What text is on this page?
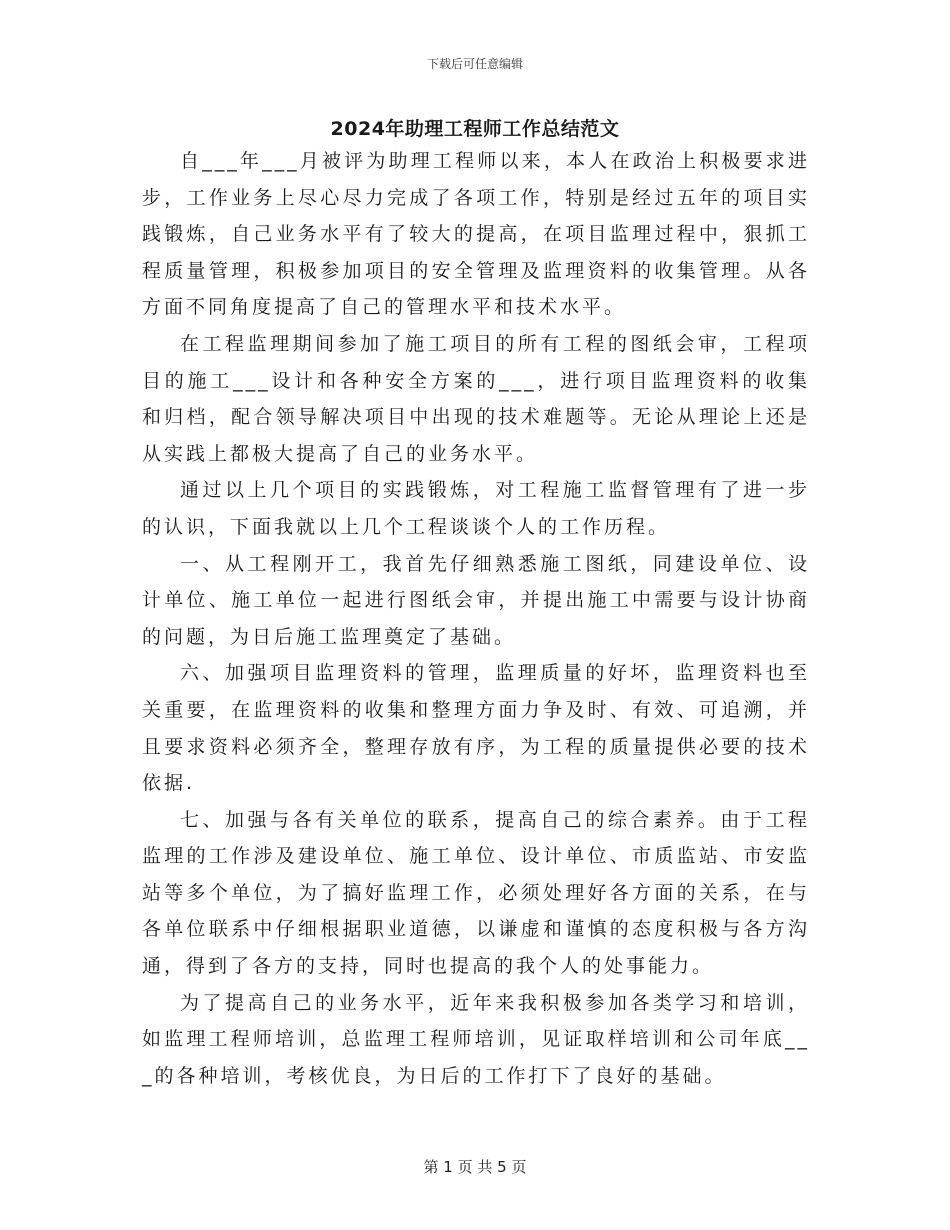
下载后可任意编辑
2024年助理工程师工作总结范文

自___年___月被评为助理工程师以来，本人在政治上积极要求进步，工作业务上尽心尽力完成了各项工作，特别是经过五年的项目实践锻炼，自己业务水平有了较大的提高，在项目监理过程中，狠抓工程质量管理，积极参加项目的安全管理及监理资料的收集管理。从各方面不同角度提高了自己的管理水平和技术水平。

在工程监理期间参加了施工项目的所有工程的图纸会审，工程项目的施工___设计和各种安全方案的___，进行项目监理资料的收集和归档，配合领导解决项目中出现的技术难题等。无论从理论上还是从实践上都极大提高了自己的业务水平。

通过以上几个项目的实践锻炼，对工程施工监督管理有了进一步的认识，下面我就以上几个工程谈谈个人的工作历程。

一、从工程刚开工，我首先仔细熟悉施工图纸，同建设单位、设计单位、施工单位一起进行图纸会审，并提出施工中需要与设计协商的问题，为日后施工监理奠定了基础。

六、加强项目监理资料的管理，监理质量的好坏，监理资料也至关重要，在监理资料的收集和整理方面力争及时、有效、可追溯，并且要求资料必须齐全，整理存放有序，为工程的质量提供必要的技术依据.

七、加强与各有关单位的联系，提高自己的综合素养。由于工程监理的工作涉及建设单位、施工单位、设计单位、市质监站、市安监站等多个单位，为了搞好监理工作，必须处理好各方面的关系，在与各单位联系中仔细根据职业道德，以谦虚和谨慎的态度积极与各方沟通，得到了各方的支持，同时也提高的我个人的处事能力。

为了提高自己的业务水平，近年来我积极参加各类学习和培训，如监理工程师培训，总监理工程师培训，见证取样培训和公司年底___的各种培训，考核优良，为日后的工作打下了良好的基础。

第 1 页 共 5 页
